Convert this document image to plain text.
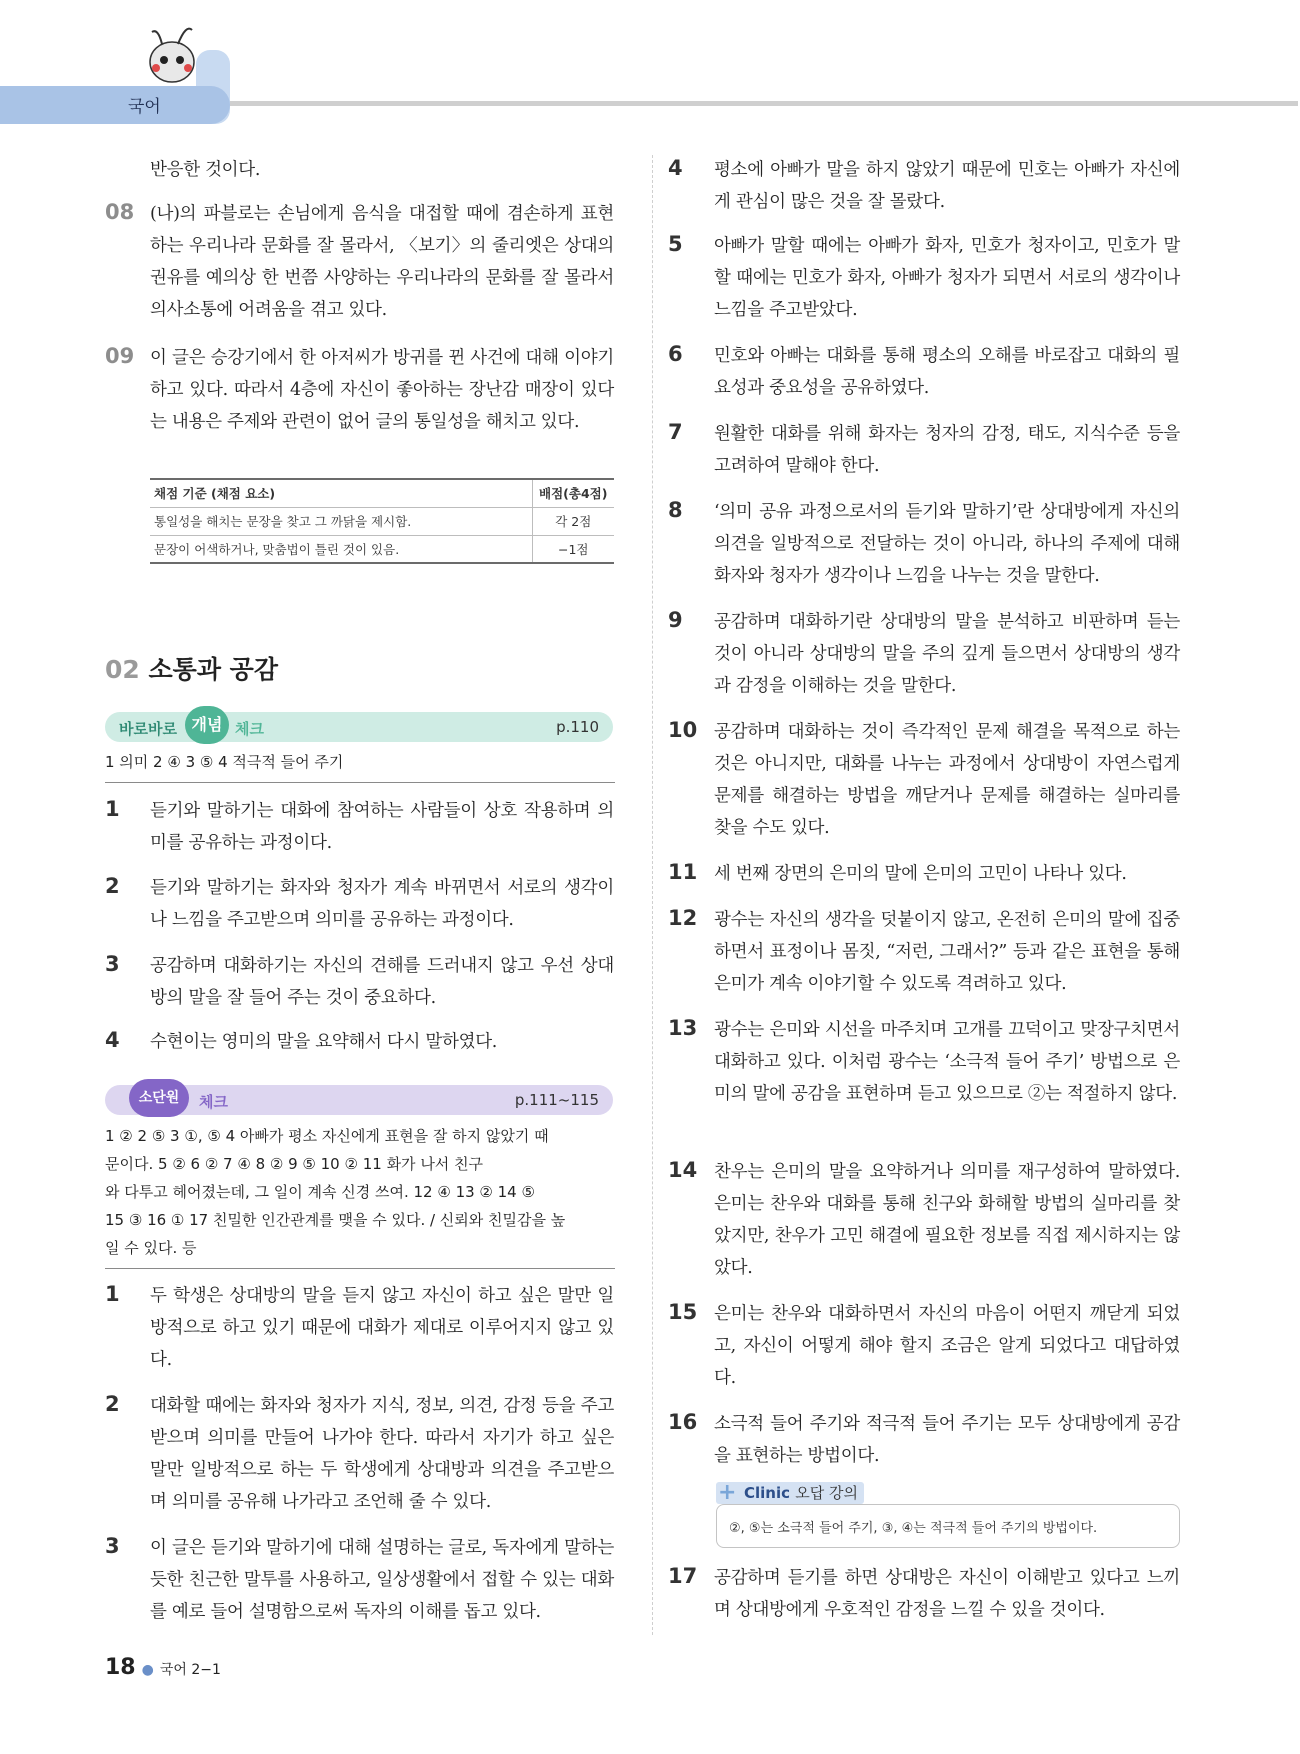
국어
반응한 것이다.
08 (나)의 파블로는 손님에게 음식을 대접할 때에 겸손하게 표현하는 우리나라 문화를 잘 몰라서, 〈보기〉의 줄리엣은 상대의 권유를 예의상 한 번쯤 사양하는 우리나라의 문화를 잘 몰라서 의사소통에 어려움을 겪고 있다.
09 이 글은 승강기에서 한 아저씨가 방귀를 뀐 사건에 대해 이야기하고 있다. 따라서 4층에 자신이 좋아하는 장난감 매장이 있다는 내용은 주제와 관련이 없어 글의 통일성을 해치고 있다.
채점 기준 (채점 요소)	배점(총4점)
통일성을 해치는 문장을 찾고 그 까닭을 제시함.	각 2점
문장이 어색하거나, 맞춤법이 틀린 것이 있음.	−1점
02 소통과 공감
바로바로 개념 체크	p.110
1 의미 2 ④ 3 ⑤ 4 적극적 들어 주기
1 듣기와 말하기는 대화에 참여하는 사람들이 상호 작용하며 의미를 공유하는 과정이다.
2 듣기와 말하기는 화자와 청자가 계속 바뀌면서 서로의 생각이나 느낌을 주고받으며 의미를 공유하는 과정이다.
3 공감하며 대화하기는 자신의 견해를 드러내지 않고 우선 상대방의 말을 잘 들어 주는 것이 중요하다.
4 수현이는 영미의 말을 요약해서 다시 말하였다.
소단원	체크	p.111~115
1 ② 2 ⑤ 3 ①, ⑤ 4 아빠가 평소 자신에게 표현을 잘 하지 않았기 때
문이다. 5 ② 6 ② 7 ④ 8 ② 9 ⑤ 10 ② 11 화가 나서 친구
와 다투고 헤어졌는데, 그 일이 계속 신경 쓰여. 12 ④ 13 ② 14 ⑤
15 ③ 16 ① 17 친밀한 인간관계를 맺을 수 있다. / 신뢰와 친밀감을 높
일 수 있다. 등
1 두 학생은 상대방의 말을 듣지 않고 자신이 하고 싶은 말만 일방적으로 하고 있기 때문에 대화가 제대로 이루어지지 않고 있다.
2 대화할 때에는 화자와 청자가 지식, 정보, 의견, 감정 등을 주고받으며 의미를 만들어 나가야 한다. 따라서 자기가 하고 싶은 말만 일방적으로 하는 두 학생에게 상대방과 의견을 주고받으며 의미를 공유해 나가라고 조언해 줄 수 있다.
3 이 글은 듣기와 말하기에 대해 설명하는 글로, 독자에게 말하는 듯한 친근한 말투를 사용하고, 일상생활에서 접할 수 있는 대화를 예로 들어 설명함으로써 독자의 이해를 돕고 있다.
4 평소에 아빠가 말을 하지 않았기 때문에 민호는 아빠가 자신에게 관심이 많은 것을 잘 몰랐다.
5 아빠가 말할 때에는 아빠가 화자, 민호가 청자이고, 민호가 말할 때에는 민호가 화자, 아빠가 청자가 되면서 서로의 생각이나 느낌을 주고받았다.
6 민호와 아빠는 대화를 통해 평소의 오해를 바로잡고 대화의 필요성과 중요성을 공유하였다.
7 원활한 대화를 위해 화자는 청자의 감정, 태도, 지식수준 등을 고려하여 말해야 한다.
8 ‘의미 공유 과정으로서의 듣기와 말하기’란 상대방에게 자신의 의견을 일방적으로 전달하는 것이 아니라, 하나의 주제에 대해 화자와 청자가 생각이나 느낌을 나누는 것을 말한다.
9 공감하며 대화하기란 상대방의 말을 분석하고 비판하며 듣는 것이 아니라 상대방의 말을 주의 깊게 들으면서 상대방의 생각과 감정을 이해하는 것을 말한다.
10 공감하며 대화하는 것이 즉각적인 문제 해결을 목적으로 하는 것은 아니지만, 대화를 나누는 과정에서 상대방이 자연스럽게 문제를 해결하는 방법을 깨닫거나 문제를 해결하는 실마리를 찾을 수도 있다.
11 세 번째 장면의 은미의 말에 은미의 고민이 나타나 있다.
12 광수는 자신의 생각을 덧붙이지 않고, 온전히 은미의 말에 집중하면서 표정이나 몸짓, “저런, 그래서?” 등과 같은 표현을 통해 은미가 계속 이야기할 수 있도록 격려하고 있다.
13 광수는 은미와 시선을 마주치며 고개를 끄덕이고 맞장구치면서 대화하고 있다. 이처럼 광수는 ‘소극적 들어 주기’ 방법으로 은미의 말에 공감을 표현하며 듣고 있으므로 ②는 적절하지 않다.
14 찬우는 은미의 말을 요약하거나 의미를 재구성하여 말하였다. 은미는 찬우와 대화를 통해 친구와 화해할 방법의 실마리를 찾았지만, 찬우가 고민 해결에 필요한 정보를 직접 제시하지는 않았다.
15 은미는 찬우와 대화하면서 자신의 마음이 어떤지 깨닫게 되었고, 자신이 어떻게 해야 할지 조금은 알게 되었다고 대답하였다.
16 소극적 들어 주기와 적극적 들어 주기는 모두 상대방에게 공감을 표현하는 방법이다.
+ Clinic 오답 강의
②, ⑤는 소극적 들어 주기, ③, ④는 적극적 들어 주기의 방법이다.
17 공감하며 듣기를 하면 상대방은 자신이 이해받고 있다고 느끼며 상대방에게 우호적인 감정을 느낄 수 있을 것이다.
18 ● 국어 2−1
